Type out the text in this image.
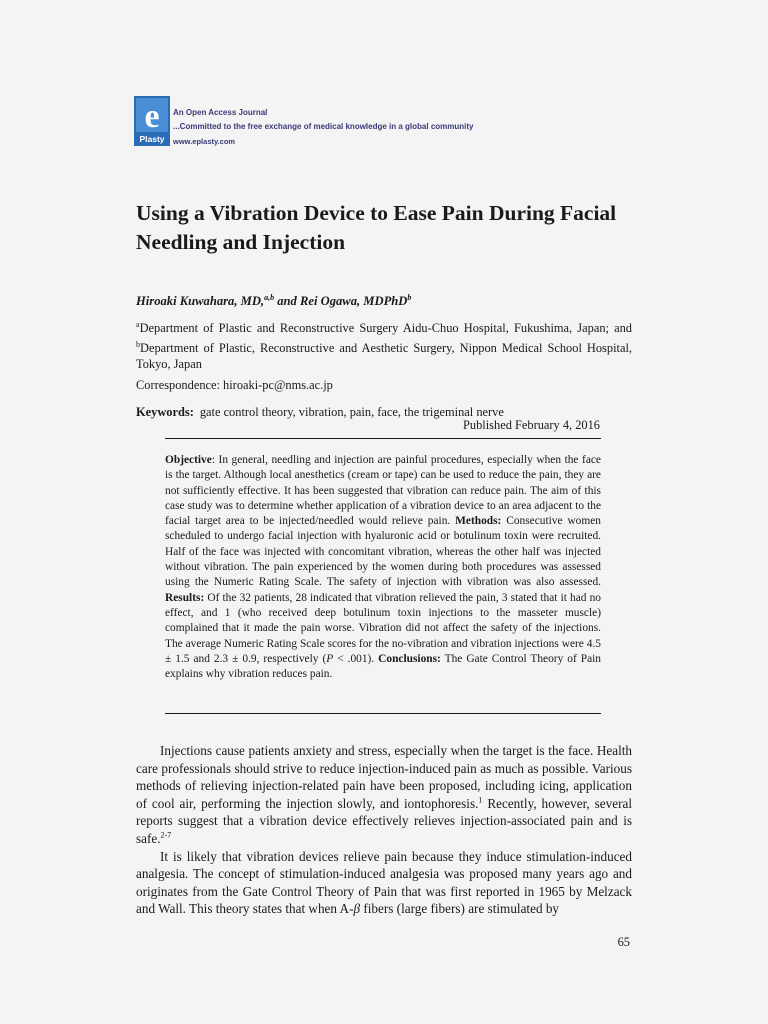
e
Plasty
An Open Access Journal
...Committed to the free exchange of medical knowledge in a global community
www.eplasty.com
Using a Vibration Device to Ease Pain During Facial Needling and Injection
Hiroaki Kuwahara, MD,$^{a,b}$ and Rei Ogawa, MDPhD$^b$
$^a$Department of Plastic and Reconstructive Surgery Aidu-Chuo Hospital, Fukushima, Japan; and $^b$Department of Plastic, Reconstructive and Aesthetic Surgery, Nippon Medical School Hospital, Tokyo, Japan
Correspondence: hiroaki-pc@nms.ac.jp
Keywords: gate control theory, vibration, pain, face, the trigeminal nerve
Published February 4, 2016
Objective: In general, needling and injection are painful procedures, especially when the face is the target. Although local anesthetics (cream or tape) can be used to reduce the pain, they are not sufficiently effective. It has been suggested that vibration can reduce pain. The aim of this case study was to determine whether application of a vibration device to an area adjacent to the facial target area to be injected/needled would relieve pain. Methods: Consecutive women scheduled to undergo facial injection with hyaluronic acid or botulinum toxin were recruited. Half of the face was injected with concomitant vibration, whereas the other half was injected without vibration. The pain experienced by the women during both procedures was assessed using the Numeric Rating Scale. The safety of injection with vibration was also assessed. Results: Of the 32 patients, 28 indicated that vibration relieved the pain, 3 stated that it had no effect, and 1 (who received deep botulinum toxin injections to the masseter muscle) complained that it made the pain worse. Vibration did not affect the safety of the injections. The average Numeric Rating Scale scores for the no-vibration and vibration injections were 4.5 ± 1.5 and 2.3 ± 0.9, respectively (P < .001). Conclusions: The Gate Control Theory of Pain explains why vibration reduces pain.

Injections cause patients anxiety and stress, especially when the target is the face. Health care professionals should strive to reduce injection-induced pain as much as possible. Various methods of relieving injection-related pain have been proposed, including icing, application of cool air, performing the injection slowly, and iontophoresis.$^1$ Recently, however, several reports suggest that a vibration device effectively relieves injection-associated pain and is safe.$^{2-7}$

It is likely that vibration devices relieve pain because they induce stimulation-induced analgesia. The concept of stimulation-induced analgesia was proposed many years ago and originates from the Gate Control Theory of Pain that was first reported in 1965 by Melzack and Wall. This theory states that when A-β fibers (large fibers) are stimulated by

65
